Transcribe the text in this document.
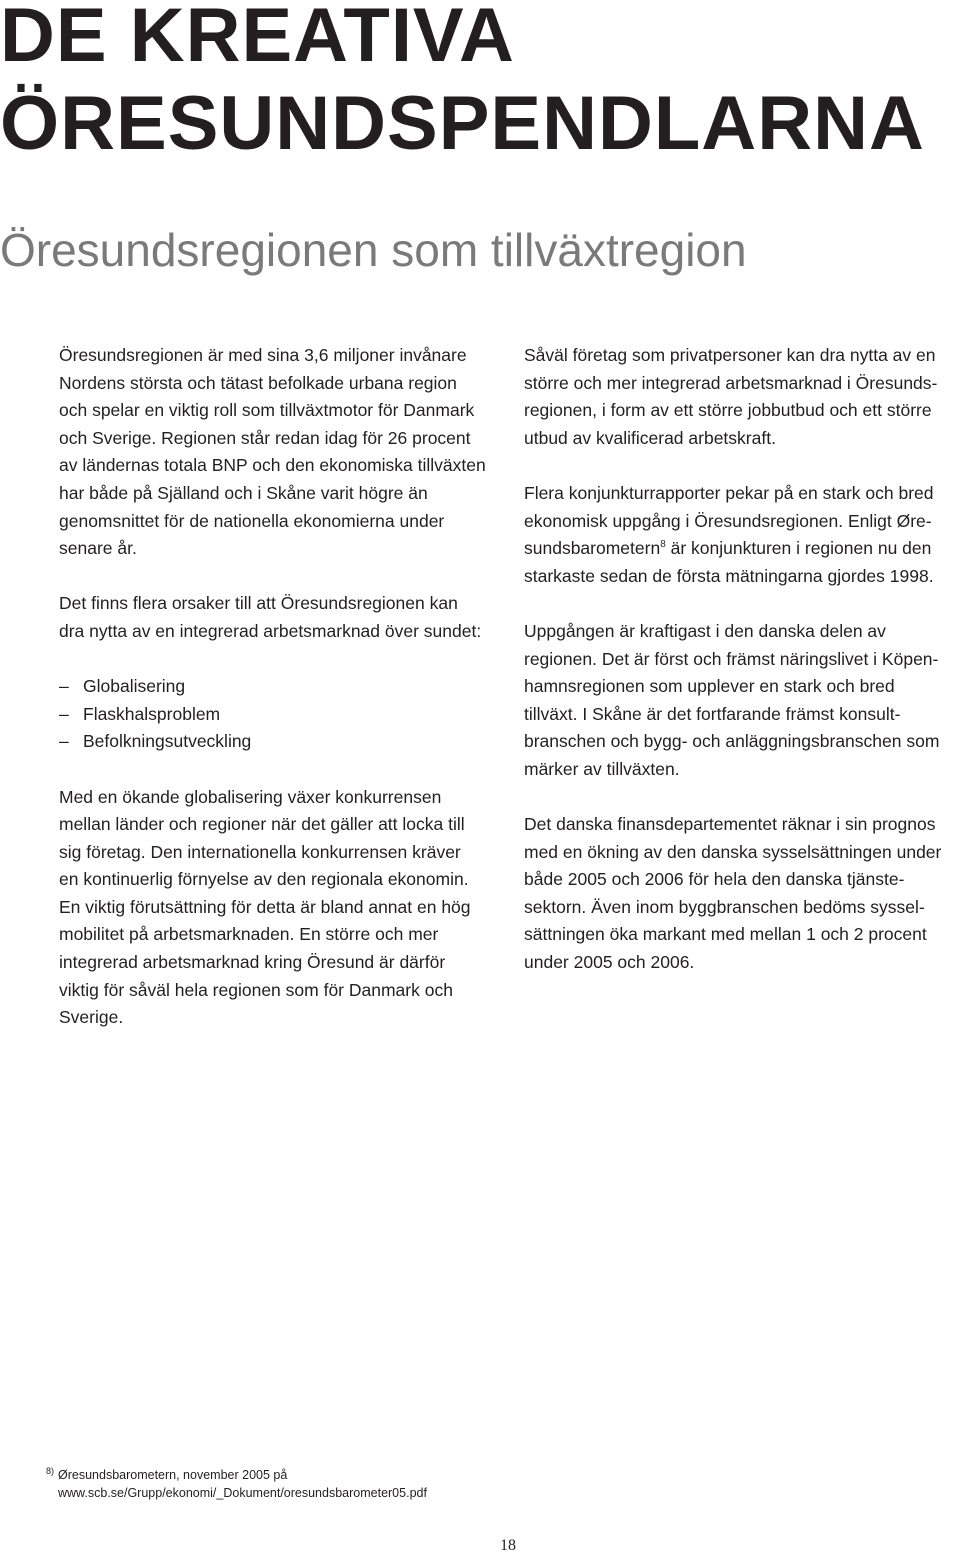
DE KREATIVA
ÖRESUNDSPENDLARNA
Öresundsregionen som tillväxtregion

Öresundsregionen är med sina 3,6 miljoner invånare
Nordens största och tätast befolkade urbana region
och spelar en viktig roll som tillväxtmotor för Danmark
och Sverige. Regionen står redan idag för 26 procent
av ländernas totala BNP och den ekonomiska tillväxten
har både på Själland och i Skåne varit högre än
genomsnittet för de nationella ekonomierna under
senare år.

Det finns flera orsaker till att Öresundsregionen kan
dra nytta av en integrerad arbetsmarknad över sundet:

– Globalisering
– Flaskhalsproblem
– Befolkningsutveckling

Med en ökande globalisering växer konkurrensen
mellan länder och regioner när det gäller att locka till
sig företag. Den internationella konkurrensen kräver
en kontinuerlig förnyelse av den regionala ekonomin.
En viktig förutsättning för detta är bland annat en hög
mobilitet på arbetsmarknaden. En större och mer
integrerad arbetsmarknad kring Öresund är därför
viktig för såväl hela regionen som för Danmark och
Sverige.

Såväl företag som privatpersoner kan dra nytta av en
större och mer integrerad arbetsmarknad i Öresunds-
regionen, i form av ett större jobbutbud och ett större
utbud av kvalificerad arbetskraft.

Flera konjunkturrapporter pekar på en stark och bred
ekonomisk uppgång i Öresundsregionen. Enligt Øre-
sundsbarometern$^8$ är konjunkturen i regionen nu den
starkaste sedan de första mätningarna gjordes 1998.

Uppgången är kraftigast i den danska delen av
regionen. Det är först och främst näringslivet i Köpen-
hamnsregionen som upplever en stark och bred
tillväxt. I Skåne är det fortfarande främst konsult-
branschen och bygg- och anläggningsbranschen som
märker av tillväxten.

Det danska finansdepartementet räknar i sin prognos
med en ökning av den danska sysselsättningen under
både 2005 och 2006 för hela den danska tjänste-
sektorn. Även inom byggbranschen bedöms syssel-
sättningen öka markant med mellan 1 och 2 procent
under 2005 och 2006.

8) Øresundsbarometern, november 2005 på
www.scb.se/Grupp/ekonomi/_Dokument/oresundsbarometer05.pdf
18
